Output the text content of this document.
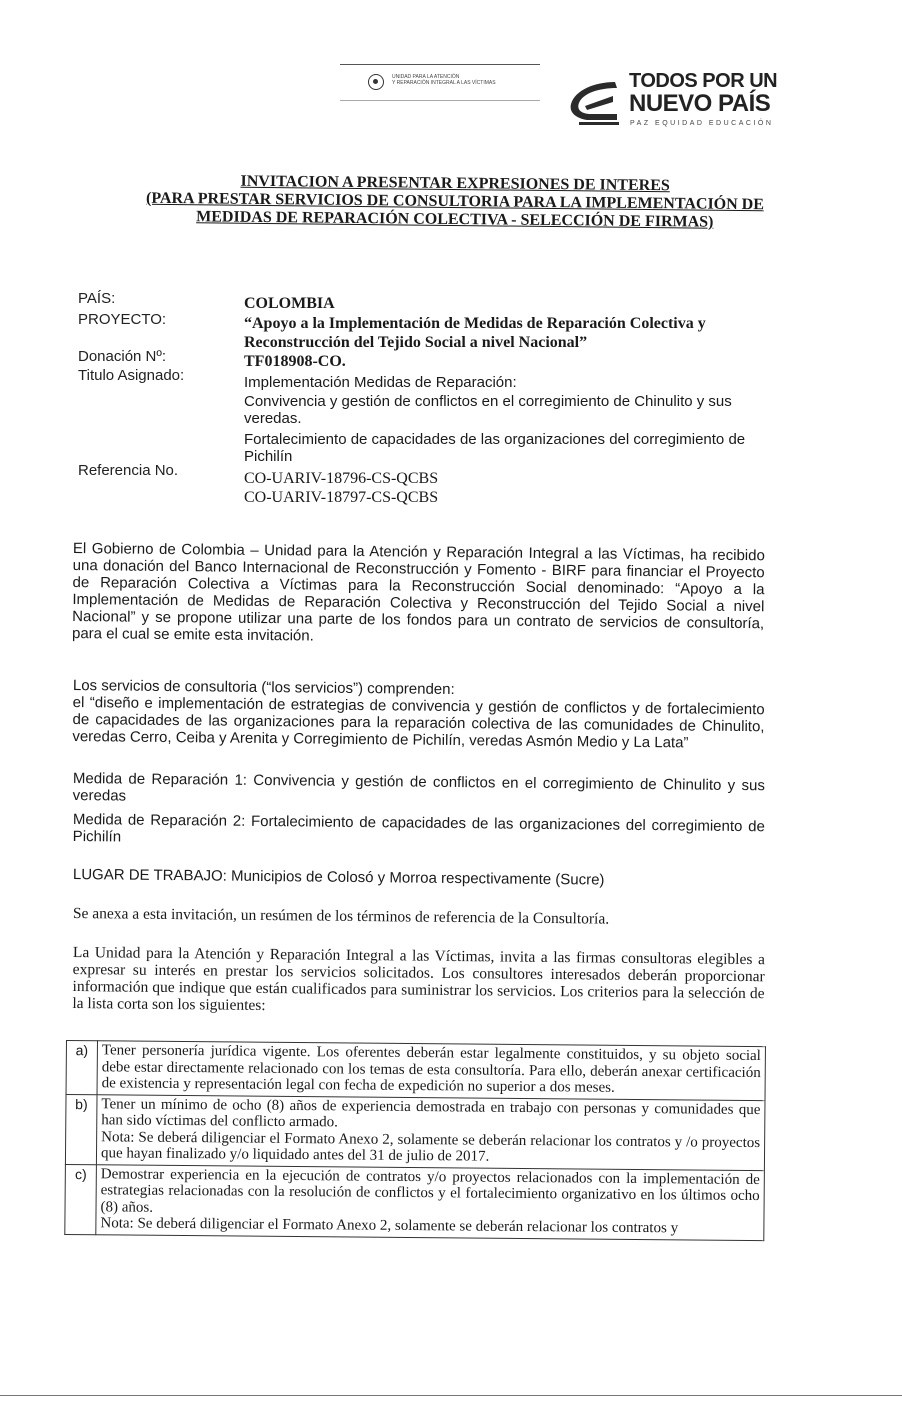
UNIDAD PARA LA ATENCIÓN
Y REPARACIÓN INTEGRAL A LAS VÍCTIMAS	TODOS POR UN
NUEVO PAÍS
PAZ EQUIDAD EDUCACIÓN
INVITACION A PRESENTAR EXPRESIONES DE INTERES
(PARA PRESTAR SERVICIOS DE CONSULTORIA PARA LA IMPLEMENTACIÓN DE
MEDIDAS DE REPARACIÓN COLECTIVA - SELECCIÓN DE FIRMAS)
PAÍS:	COLOMBIA
PROYECTO:	“Apoyo a la Implementación de Medidas de Reparación Colectiva y
Reconstrucción del Tejido Social a nivel Nacional”
Donación Nº:	TF018908-CO.
Titulo Asignado:	Implementación Medidas de Reparación:
Convivencia y gestión de conflictos en el corregimiento de Chinulito y sus
veredas.
Fortalecimiento de capacidades de las organizaciones del corregimiento de
Pichilín
Referencia No.	CO-UARIV-18796-CS-QCBS
CO-UARIV-18797-CS-QCBS
El Gobierno de Colombia – Unidad para la Atención y Reparación Integral a las Víctimas, ha recibido una donación del Banco Internacional de Reconstrucción y Fomento - BIRF para financiar el Proyecto de Reparación Colectiva a Víctimas para la Reconstrucción Social denominado: “Apoyo a la Implementación de Medidas de Reparación Colectiva y Reconstrucción del Tejido Social a nivel Nacional” y se propone utilizar una parte de los fondos para un contrato de servicios de consultoría, para el cual se emite esta invitación.
Los servicios de consultoria (“los servicios”) comprenden:
el “diseño e implementación de estrategias de convivencia y gestión de conflictos y de fortalecimiento de capacidades de las organizaciones para la reparación colectiva de las comunidades de Chinulito, veredas Cerro, Ceiba y Arenita y Corregimiento de Pichilín, veredas Asmón Medio y La Lata”
Medida de Reparación 1: Convivencia y gestión de conflictos en el corregimiento de Chinulito y sus veredas
Medida de Reparación 2: Fortalecimiento de capacidades de las organizaciones del corregimiento de Pichilín
LUGAR DE TRABAJO: Municipios de Colosó y Morroa respectivamente (Sucre)
Se anexa a esta invitación, un resúmen de los términos de referencia de la Consultoría.
La Unidad para la Atención y Reparación Integral a las Víctimas, invita a las firmas consultoras elegibles a expresar su interés en prestar los servicios solicitados. Los consultores interesados deberán proporcionar información que indique que están cualificados para suministrar los servicios. Los criterios para la selección de la lista corta son los siguientes:
a)	Tener personería jurídica vigente. Los oferentes deberán estar legalmente constituidos, y su objeto social debe estar directamente relacionado con los temas de esta consultoría. Para ello, deberán anexar certificación de existencia y representación legal con fecha de expedición no superior a dos meses.
b)	Tener un mínimo de ocho (8) años de experiencia demostrada en trabajo con personas y comunidades que han sido víctimas del conflicto armado.
Nota: Se deberá diligenciar el Formato Anexo 2, solamente se deberán relacionar los contratos y /o proyectos que hayan finalizado y/o liquidado antes del 31 de julio de 2017.

c)	Demostrar experiencia en la ejecución de contratos y/o proyectos relacionados con la implementación de estrategias relacionadas con la resolución de conflictos y el fortalecimiento organizativo en los últimos ocho (8) años.
Nota: Se deberá diligenciar el Formato Anexo 2, solamente se deberán relacionar los contratos y
